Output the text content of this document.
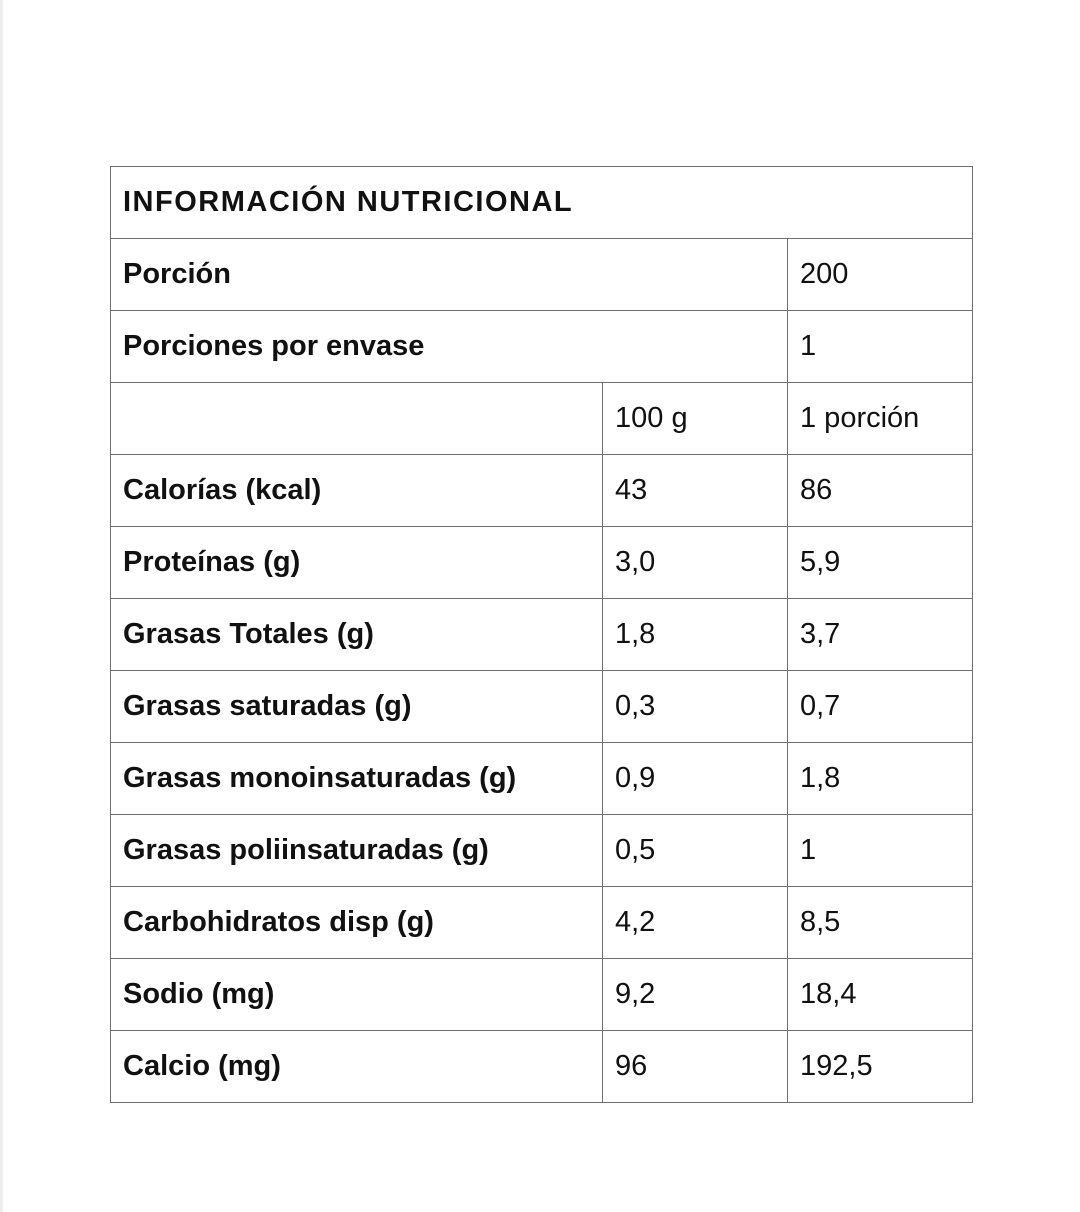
INFORMACIÓN NUTRICIONAL		
Porción		200
Porciones por envase		1
	100 g	1 porción
Calorías (kcal)	43	86
Proteínas (g)	3,0	5,9
Grasas Totales (g)	1,8	3,7
Grasas saturadas (g)	0,3	0,7
Grasas monoinsaturadas (g)	0,9	1,8
Grasas poliinsaturadas (g)	0,5	1
Carbohidratos disp (g)	4,2	8,5
Sodio (mg)	9,2	18,4
Calcio (mg)	96	192,5
